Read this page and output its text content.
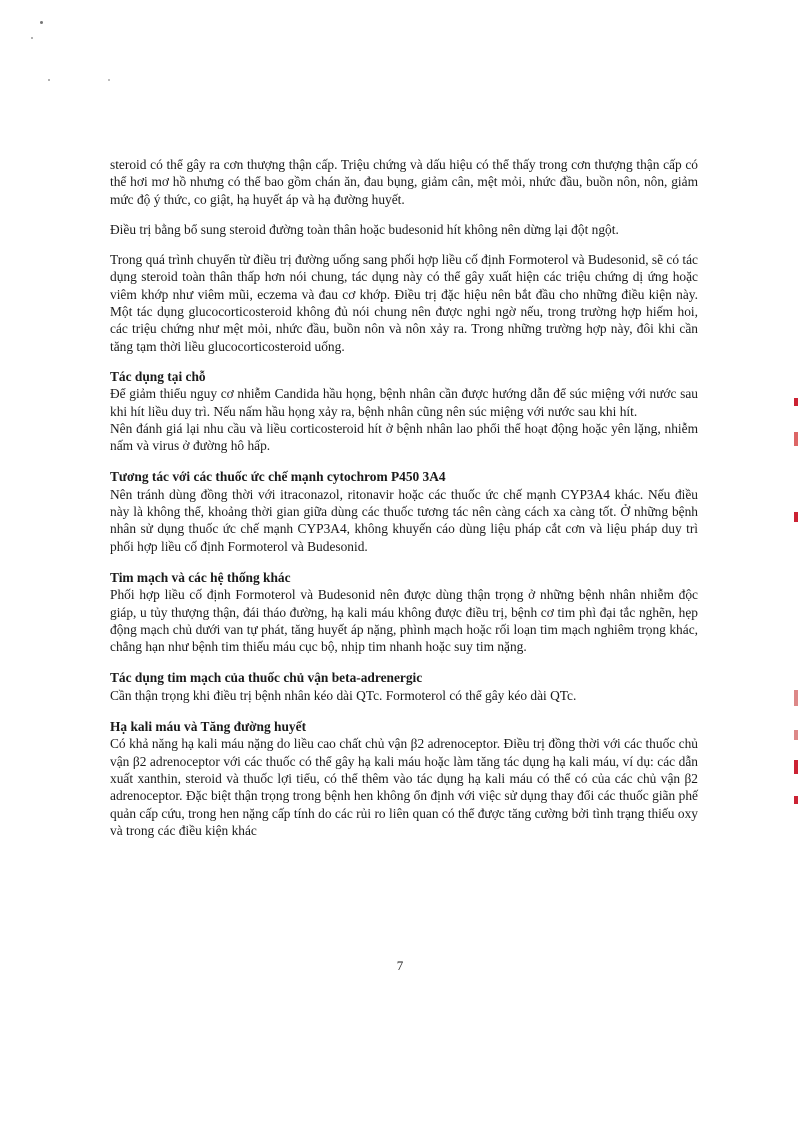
steroid có thể gây ra cơn thượng thận cấp. Triệu chứng và dấu hiệu có thể thấy trong cơn thượng thận cấp có thể hơi mơ hồ nhưng có thể bao gồm chán ăn, đau bụng, giảm cân, mệt mỏi, nhức đầu, buồn nôn, nôn, giảm mức độ ý thức, co giật, hạ huyết áp và hạ đường huyết.

Điều trị bằng bổ sung steroid đường toàn thân hoặc budesonid hít không nên dừng lại đột ngột.

Trong quá trình chuyển từ điều trị đường uống sang phối hợp liều cố định Formoterol và Budesonid, sẽ có tác dụng steroid toàn thân thấp hơn nói chung, tác dụng này có thể gây xuất hiện các triệu chứng dị ứng hoặc viêm khớp như viêm mũi, eczema và đau cơ khớp. Điều trị đặc hiệu nên bắt đầu cho những điều kiện này. Một tác dụng glucocorticosteroid không đủ nói chung nên được nghi ngờ nếu, trong trường hợp hiếm hoi, các triệu chứng như mệt mỏi, nhức đầu, buồn nôn và nôn xảy ra. Trong những trường hợp này, đôi khi cần tăng tạm thời liều glucocorticosteroid uống.

Tác dụng tại chỗ

Để giảm thiểu nguy cơ nhiễm Candida hầu họng, bệnh nhân cần được hướng dẫn để súc miệng với nước sau khi hít liều duy trì. Nếu nấm hầu họng xảy ra, bệnh nhân cũng nên súc miệng với nước sau khi hít.

Nên đánh giá lại nhu cầu và liều corticosteroid hít ở bệnh nhân lao phổi thể hoạt động hoặc yên lặng, nhiễm nấm và virus ở đường hô hấp.

Tương tác với các thuốc ức chế mạnh cytochrom P450 3A4

Nên tránh dùng đồng thời với itraconazol, ritonavir hoặc các thuốc ức chế mạnh CYP3A4 khác. Nếu điều này là không thể, khoảng thời gian giữa dùng các thuốc tương tác nên càng cách xa càng tốt. Ở những bệnh nhân sử dụng thuốc ức chế mạnh CYP3A4, không khuyến cáo dùng liệu pháp cắt cơn và liệu pháp duy trì phối hợp liều cố định Formoterol và Budesonid.

Tim mạch và các hệ thống khác

Phối hợp liều cố định Formoterol và Budesonid nên được dùng thận trọng ở những bệnh nhân nhiễm độc giáp, u tủy thượng thận, đái tháo đường, hạ kali máu không được điều trị, bệnh cơ tim phì đại tắc nghẽn, hẹp động mạch chủ dưới van tự phát, tăng huyết áp nặng, phình mạch hoặc rối loạn tim mạch nghiêm trọng khác, chẳng hạn như bệnh tim thiếu máu cục bộ, nhịp tim nhanh hoặc suy tim nặng.

Tác dụng tim mạch của thuốc chủ vận beta-adrenergic

Cần thận trọng khi điều trị bệnh nhân kéo dài QTc. Formoterol có thể gây kéo dài QTc.

Hạ kali máu và Tăng đường huyết

Có khả năng hạ kali máu nặng do liều cao chất chủ vận β2 adrenoceptor. Điều trị đồng thời với các thuốc chủ vận β2 adrenoceptor với các thuốc có thể gây hạ kali máu hoặc làm tăng tác dụng hạ kali máu, ví dụ: các dẫn xuất xanthin, steroid và thuốc lợi tiểu, có thể thêm vào tác dụng hạ kali máu có thể có của các chủ vận β2 adrenoceptor. Đặc biệt thận trọng trong bệnh hen không ổn định với việc sử dụng thay đổi các thuốc giãn phế quản cấp cứu, trong hen nặng cấp tính do các rủi ro liên quan có thể được tăng cường bởi tình trạng thiếu oxy và trong các điều kiện khác

7
